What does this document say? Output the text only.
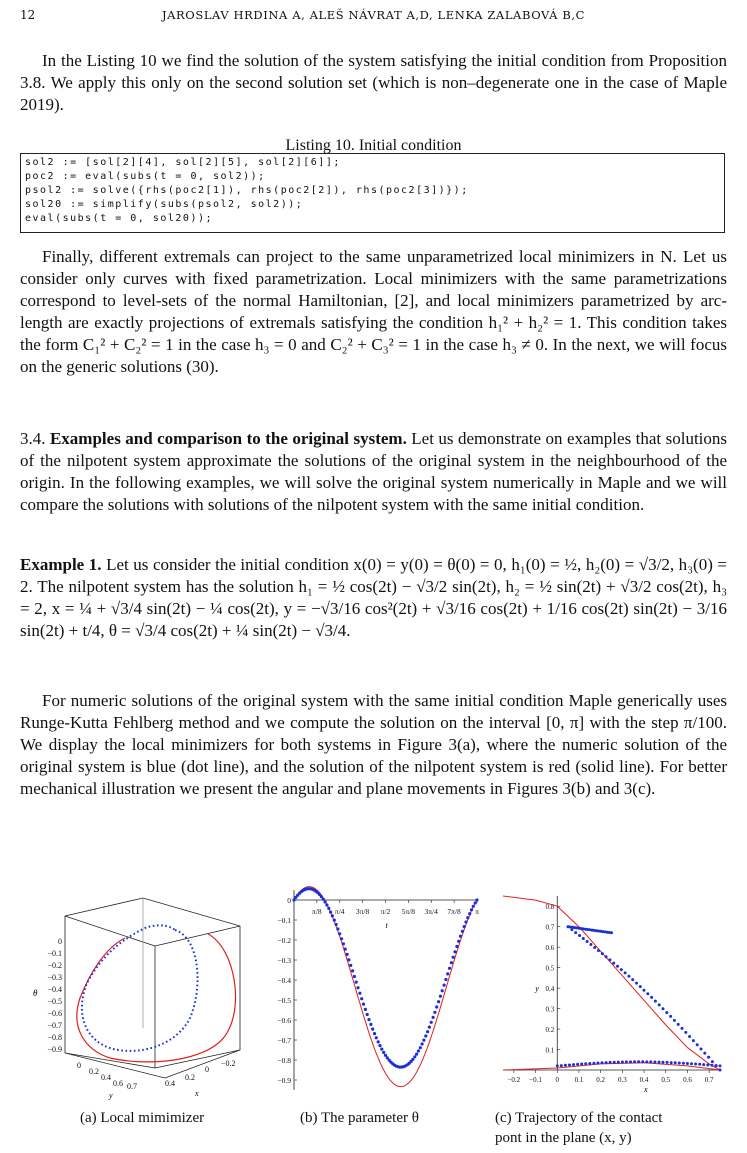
12	JAROSLAV HRDINA A, ALEŠ NÁVRAT A,D, LENKA ZALABOVÁ B,C

In the Listing 10 we find the solution of the system satisfying the initial condition from Proposition 3.8. We apply this only on the second solution set (which is non–degenerate one in the case of Maple 2019).

Listing 10. Initial condition
sol2 := [sol[2][4], sol[2][5], sol[2][6]];
poc2 := eval(subs(t = 0, sol2));
psol2 := solve({rhs(poc2[1]), rhs(poc2[2]), rhs(poc2[3])});
sol20 := simplify(subs(psol2, sol2));
eval(subs(t = 0, sol20));

Finally, different extremals can project to the same unparametrized local minimizers in N. Let us consider only curves with fixed parametrization. Local minimizers with the same parametrizations correspond to level-sets of the normal Hamiltonian, [2], and local minimizers parametrized by arc-length are exactly projections of extremals satisfying the condition h₁² + h₂² = 1. This condition takes the form C₁² + C₂² = 1 in the case h₃ = 0 and C₂² + C₃² = 1 in the case h₃ ≠ 0. In the next, we will focus on the generic solutions (30).

3.4. Examples and comparison to the original system. Let us demonstrate on examples that solutions of the nilpotent system approximate the solutions of the original system in the neighbourhood of the origin. In the following examples, we will solve the original system numerically in Maple and we will compare the solutions with solutions of the nilpotent system with the same initial condition.

Example 1. Let us consider the initial condition x(0) = y(0) = θ(0) = 0, h₁(0) = ½, h₂(0) = √3/2, h₃(0) = 2. The nilpotent system has the solution h₁ = ½ cos(2t) − √3/2 sin(2t), h₂ = ½ sin(2t) + √3/2 cos(2t), h₃ = 2, x = ¼ + √3/4 sin(2t) − ¼ cos(2t), y = −√3/16 cos²(2t) + √3/16 cos(2t) + 1/16 cos(2t) sin(2t) − 3/16 sin(2t) + t/4, θ = √3/4 cos(2t) + ¼ sin(2t) − √3/4.

For numeric solutions of the original system with the same initial condition Maple generically uses Runge-Kutta Fehlberg method and we compute the solution on the interval [0, π] with the step π/100. We display the local minimizers for both systems in Figure 3(a), where the numeric solution of the original system is blue (dot line), and the solution of the nilpotent system is red (solid line). For better mechanical illustration we present the angular and plane movements in Figures 3(b) and 3(c).

0
−0.1
−0.2
−0.3
−0.4
−0.5
−0.6
−0.7
−0.8
−0.9
θ
0
0.2
0.4
0.6 0.7
y
0.4
0.2
0
−0.2
x
(a) Local mimimizer
0
−0.1
−0.2
−0.3
−0.4
−0.5
−0.6
−0.7
−0.8
−0.9
π/8 π/4 3π/8 π/2 5π/8 3π/4 7π/8 π
t
(b) The parameter θ
0.1
0.2
0.3
0.4
0.5
0.6
0.7
0.8
−0.2 −0.1 0 0.1 0.2 0.3 0.4 0.5 0.6 0.7
x
y
(c) Trajectory of the contact
pont in the plane (x, y)
